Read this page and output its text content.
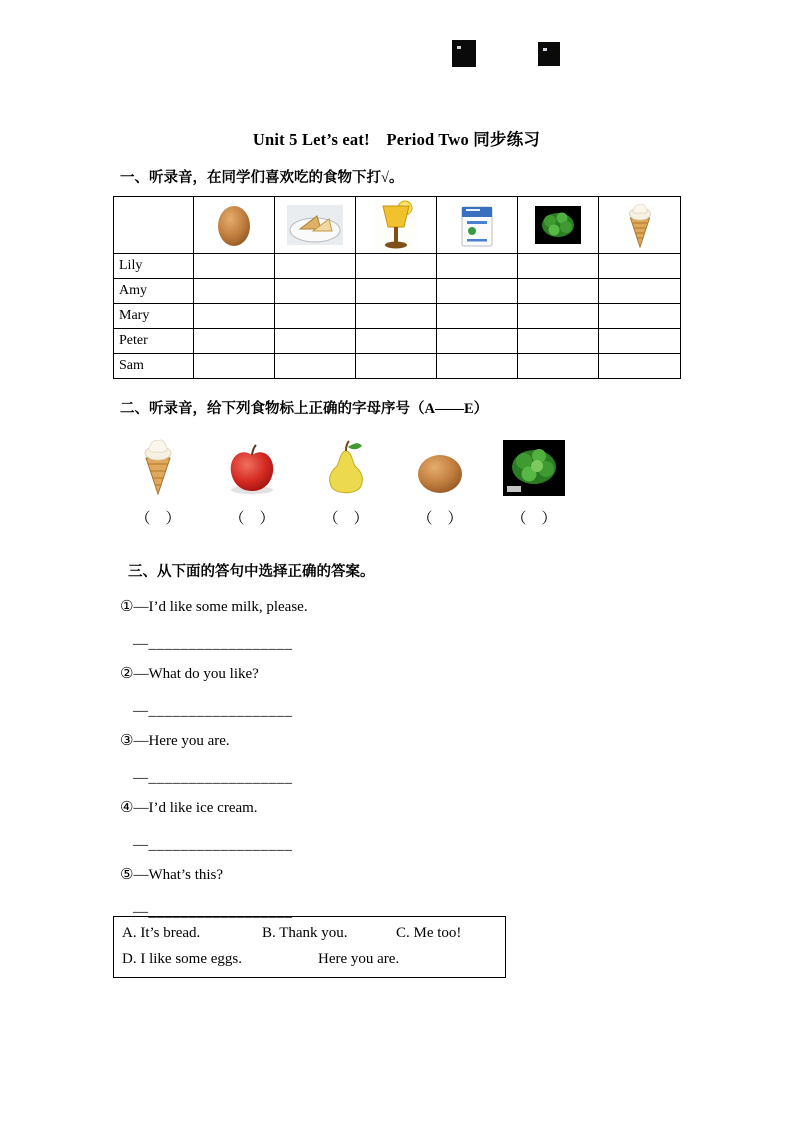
Unit 5 Let’s eat!　Period Two 同步练习
一、听录音，在同学们喜欢吃的食物下打√。

Lily						
Amy						
Mary						
Peter						
Sam						
二、听录音，给下列食物标上正确的字母序号（A——E）
（　）	（　）	（　）	（　）	（　）
三、从下面的答句中选择正确的答案。
①—I’d like some milk, please.
—__________________
②—What do you like?
—__________________
③—Here you are.
—__________________
④—I’d like ice cream.
—__________________
⑤—What’s this?
—__________________
A. It’s bread.	B. Thank you.	C. Me too!
D. I like some eggs.	Here you are.
